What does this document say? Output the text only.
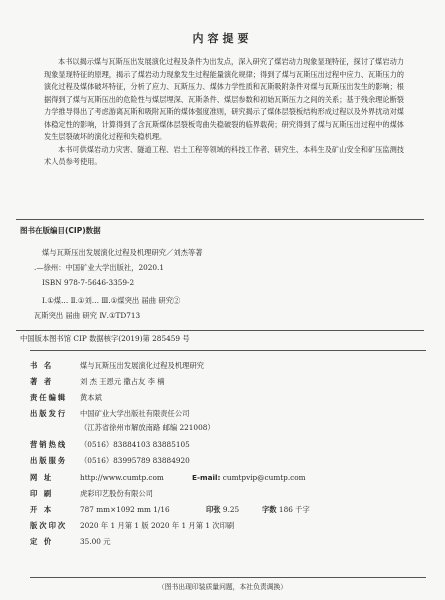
内容提要

本书以揭示煤与瓦斯压出发展演化过程及条件为出发点，深入研究了煤岩动力现象显现特征，探讨了煤岩动力现象显现特征的原理，揭示了煤岩动力现象发生过程能量演化规律；得到了煤与瓦斯压出过程中应力、瓦斯压力的演化过程及煤体破坏特征，分析了应力、瓦斯压力、煤体力学性质和瓦斯吸附条件对煤与瓦斯压出发生的影响；根据得到了煤与瓦斯压出的危险性与煤层埋深、瓦斯条件、煤层参数和初始瓦斯压力之间的关系；基于残余理论断裂力学推导得出了考虑游离瓦斯和吸附瓦斯的煤体强度准则，研究揭示了煤体层裂板结构形成过程以及外界扰动对煤体稳定性的影响，计算得到了含瓦斯煤体层裂板弯曲失稳破裂的临界载荷；研究得到了煤与瓦斯压出过程中的煤体发生层裂破坏的演化过程和失稳机理。

本书可供煤岩动力灾害、隧道工程、岩土工程等领域的科技工作者、研究生、本科生及矿山安全和矿压监测技术人员参考使用。

图书在版编目(CIP)数据
煤与瓦斯压出发展演化过程及机理研究／刘杰等著
.—徐州：中国矿业大学出版社，2020.1
ISBN 978-7-5646-3359-2
Ⅰ.①煤… Ⅱ.①刘… Ⅲ.①煤突出 届曲 研究②
瓦斯突出 届曲 研究 Ⅳ.①TD713
中国版本图书馆 CIP 数据核字(2019)第 285459 号
书 名	煤与瓦斯压出发展演化过程及机理研究
著 者	刘 杰 王恩元 撒占友 李 楠
责任编辑	黄本斌
出版发行	中国矿业大学出版社有限责任公司
（江苏省徐州市解放南路 邮编 221008）
营销热线	（0516）83884103 83885105
出版服务	（0516）83995789 83884920
网 址	http://www.cumtp.com	E-mail: cumtpvip@cumtp.com
印 刷	虎彩印艺股份有限公司
开 本	787 mm×1092 mm 1/16	印张 9.25	字数 186 千字
版次印次	2020 年 1 月第 1 版 2020 年 1 月第 1 次印刷
定 价	35.00 元
（图书出现印装质量问题，本社负责调换）
